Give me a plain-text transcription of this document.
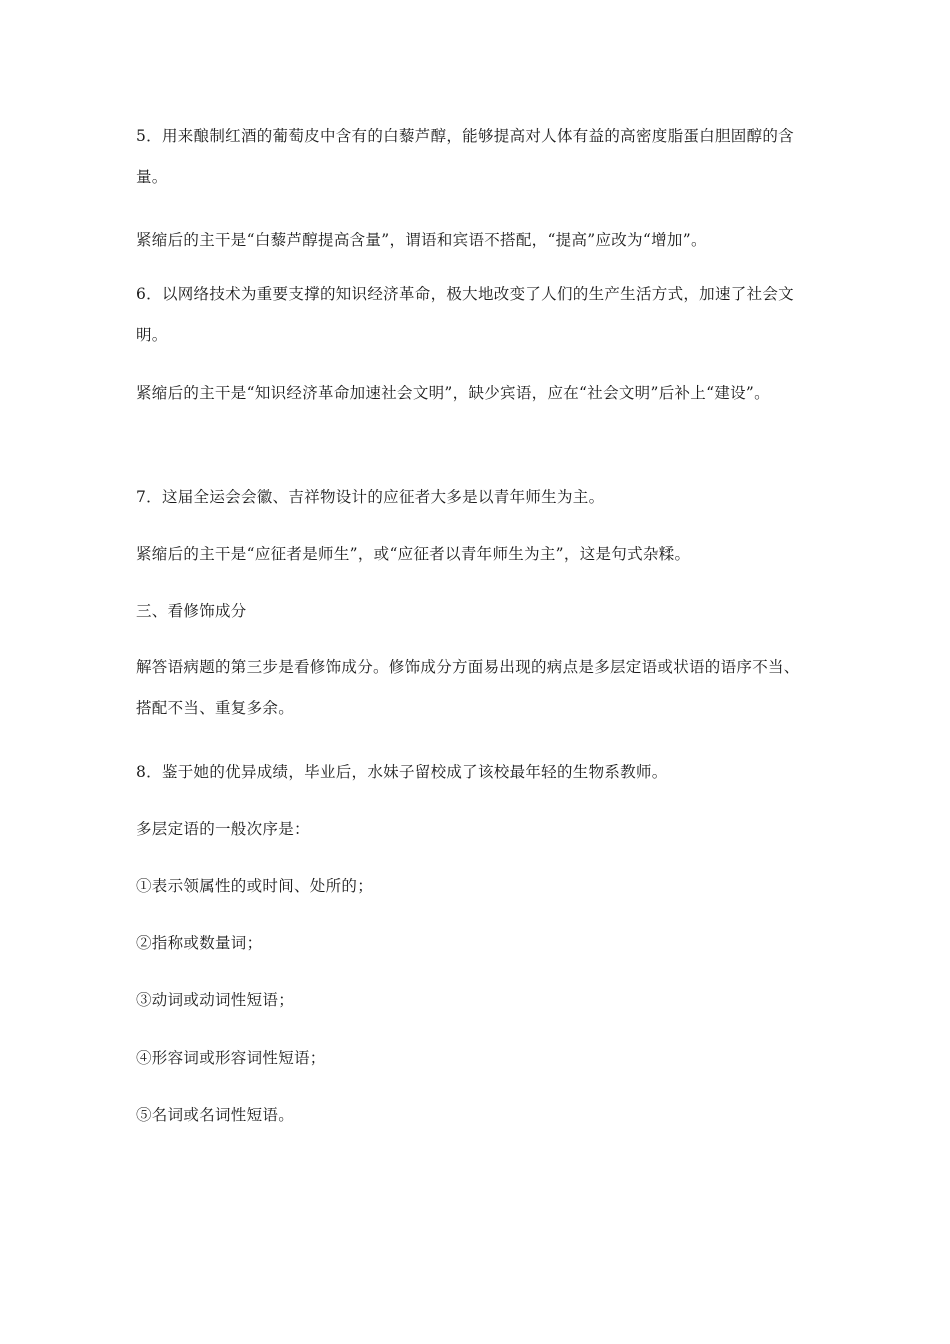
5．用来酿制红酒的葡萄皮中含有的白藜芦醇，能够提高对人体有益的高密度脂蛋白胆固醇的含量。

紧缩后的主干是“白藜芦醇提高含量”，谓语和宾语不搭配，“提高”应改为“增加”。

6．以网络技术为重要支撑的知识经济革命，极大地改变了人们的生产生活方式，加速了社会文明。

紧缩后的主干是“知识经济革命加速社会文明”，缺少宾语，应在“社会文明”后补上“建设”。

7．这届全运会会徽、吉祥物设计的应征者大多是以青年师生为主。

紧缩后的主干是“应征者是师生”，或“应征者以青年师生为主”，这是句式杂糅。

三、看修饰成分

解答语病题的第三步是看修饰成分。修饰成分方面易出现的病点是多层定语或状语的语序不当、搭配不当、重复多余。

8．鉴于她的优异成绩，毕业后，水妹子留校成了该校最年轻的生物系教师。

多层定语的一般次序是：

①表示领属性的或时间、处所的；

②指称或数量词；

③动词或动词性短语；

④形容词或形容词性短语；

⑤名词或名词性短语。
